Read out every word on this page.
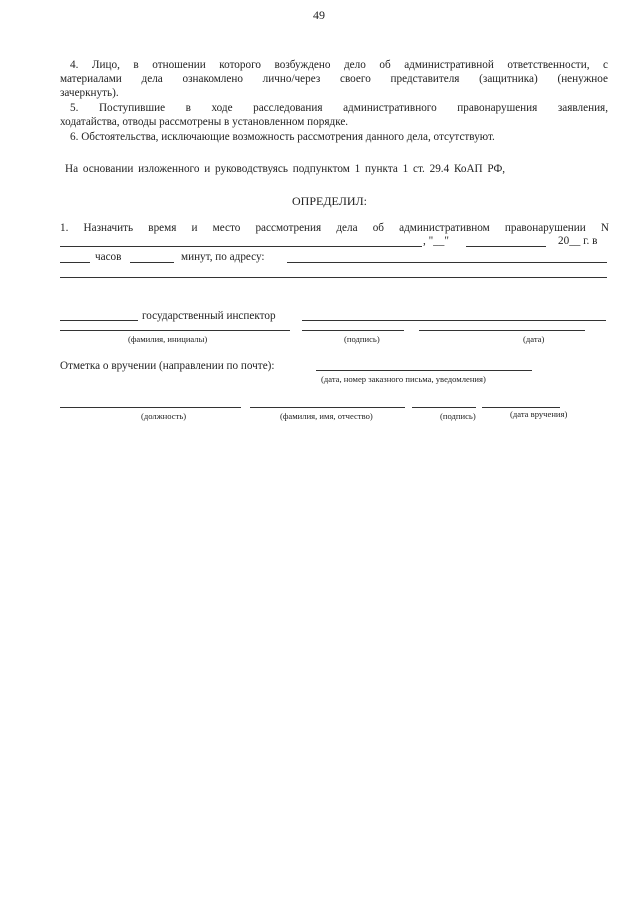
49
4. Лицо, в отношении которого возбуждено дело об административной ответственности, с
материалами дела ознакомлено лично/через своего представителя (защитника) (ненужное
зачеркнуть).
5. Поступившие в ходе расследования административного правонарушения заявления,
ходатайства, отводы рассмотрены в установленном порядке.
6. Обстоятельства, исключающие возможность рассмотрения данного дела, отсутствуют.
На основании изложенного и руководствуясь подпунктом 1 пункта 1 ст. 29.4 КоАП РФ,
ОПРЕДЕЛИЛ:
1. Назначить время и место рассмотрения дела об административном правонарушении N
, "__"	20__ г. в
часов	минут, по адресу:
государственный инспектор
(фамилия, инициалы)	(подпись)	(дата)
Отметка о вручении (направлении по почте):
(дата, номер заказного письма, уведомления)
(должность)	(фамилия, имя, отчество)	(подпись)	(дата вручения)
